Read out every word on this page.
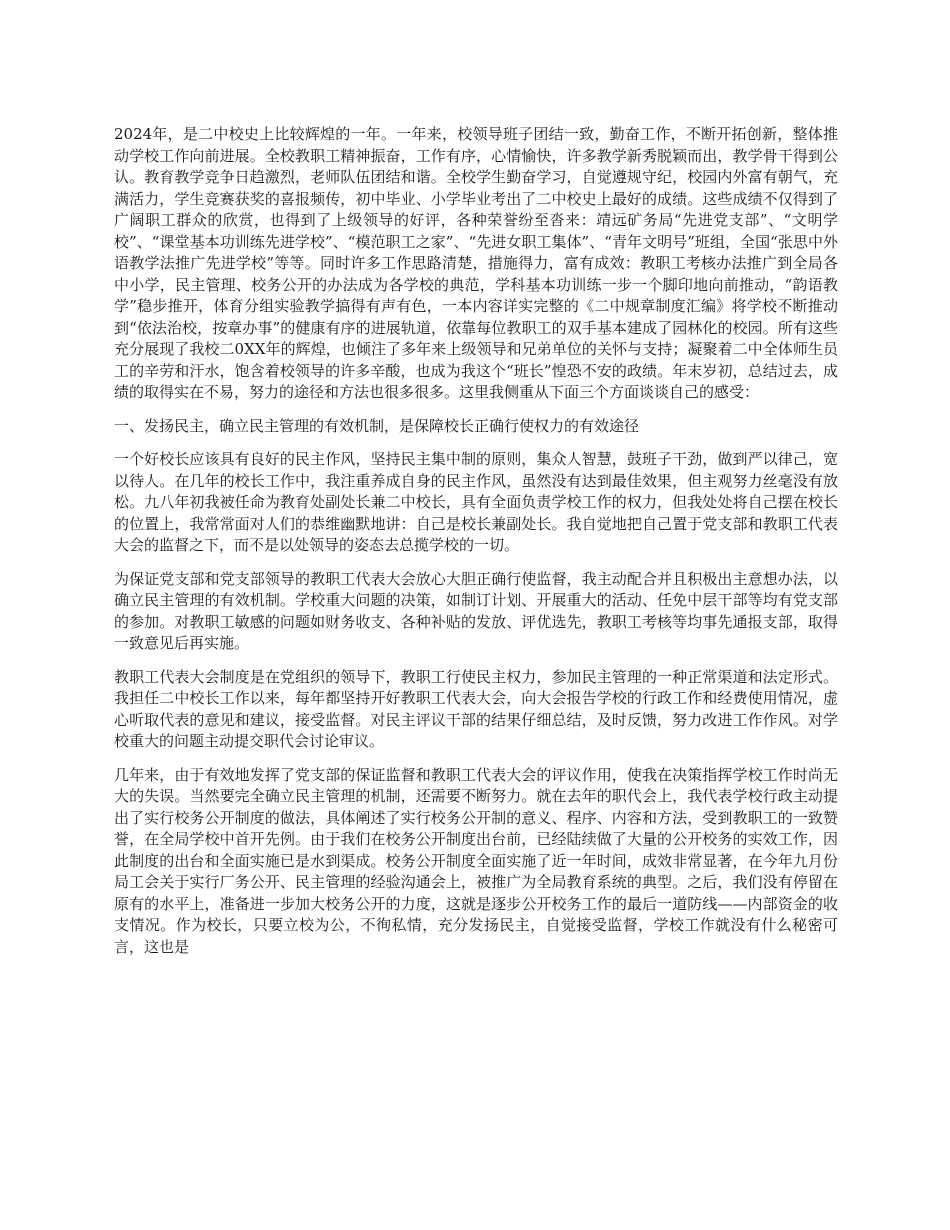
2024年，是二中校史上比较辉煌的一年。一年来，校领导班子团结一致，勤奋工作，不断开拓创新，整体推动学校工作向前进展。全校教职工精神振奋，工作有序，心情愉快，许多教学新秀脱颖而出，教学骨干得到公认。教育教学竞争日趋激烈，老师队伍团结和谐。全校学生勤奋学习，自觉遵规守纪，校园内外富有朝气，充满活力，学生竞赛获奖的喜报频传，初中毕业、小学毕业考出了二中校史上最好的成绩。这些成绩不仅得到了广阔职工群众的欣赏，也得到了上级领导的好评，各种荣誉纷至沓来：靖远矿务局“先进党支部”、“文明学校”、“课堂基本功训练先进学校”、“模范职工之家”、“先进女职工集体”、“青年文明号”班组，全国“张思中外语教学法推广先进学校”等等。同时许多工作思路清楚，措施得力，富有成效：教职工考核办法推广到全局各中小学，民主管理、校务公开的办法成为各学校的典范，学科基本功训练一步一个脚印地向前推动，“韵语教学”稳步推开，体育分组实验教学搞得有声有色，一本内容详实完整的《二中规章制度汇编》将学校不断推动到“依法治校，按章办事”的健康有序的进展轨道，依靠每位教职工的双手基本建成了园林化的校园。所有这些充分展现了我校二0XX年的辉煌，也倾注了多年来上级领导和兄弟单位的关怀与支持；凝聚着二中全体师生员工的辛劳和汗水，饱含着校领导的许多辛酸，也成为我这个“班长”惶恐不安的政绩。年末岁初，总结过去，成绩的取得实在不易，努力的途径和方法也很多很多。这里我侧重从下面三个方面谈谈自己的感受：

一、发扬民主，确立民主管理的有效机制，是保障校长正确行使权力的有效途径

一个好校长应该具有良好的民主作风，坚持民主集中制的原则，集众人智慧，鼓班子干劲，做到严以律己，宽以待人。在几年的校长工作中，我注重养成自身的民主作风，虽然没有达到最佳效果，但主观努力丝毫没有放松。九八年初我被任命为教育处副处长兼二中校长，具有全面负责学校工作的权力，但我处处将自己摆在校长的位置上，我常常面对人们的恭维幽默地讲：自己是校长兼副处长。我自觉地把自己置于党支部和教职工代表大会的监督之下，而不是以处领导的姿态去总揽学校的一切。

为保证党支部和党支部领导的教职工代表大会放心大胆正确行使监督，我主动配合并且积极出主意想办法，以确立民主管理的有效机制。学校重大问题的决策，如制订计划、开展重大的活动、任免中层干部等均有党支部的参加。对教职工敏感的问题如财务收支、各种补贴的发放、评优选先，教职工考核等均事先通报支部，取得一致意见后再实施。

教职工代表大会制度是在党组织的领导下，教职工行使民主权力，参加民主管理的一种正常渠道和法定形式。我担任二中校长工作以来，每年都坚持开好教职工代表大会，向大会报告学校的行政工作和经费使用情况，虚心听取代表的意见和建议，接受监督。对民主评议干部的结果仔细总结，及时反馈，努力改进工作作风。对学校重大的问题主动提交职代会讨论审议。

几年来，由于有效地发挥了党支部的保证监督和教职工代表大会的评议作用，使我在决策指挥学校工作时尚无大的失误。当然要完全确立民主管理的机制，还需要不断努力。就在去年的职代会上，我代表学校行政主动提出了实行校务公开制度的做法，具体阐述了实行校务公开制的意义、程序、内容和方法，受到教职工的一致赞誉，在全局学校中首开先例。由于我们在校务公开制度出台前，已经陆续做了大量的公开校务的实效工作，因此制度的出台和全面实施已是水到渠成。校务公开制度全面实施了近一年时间，成效非常显著，在今年九月份局工会关于实行厂务公开、民主管理的经验沟通会上，被推广为全局教育系统的典型。之后，我们没有停留在原有的水平上，准备进一步加大校务公开的力度，这就是逐步公开校务工作的最后一道防线——内部资金的收支情况。作为校长，只要立校为公，不徇私情，充分发扬民主，自觉接受监督，学校工作就没有什么秘密可言，这也是
